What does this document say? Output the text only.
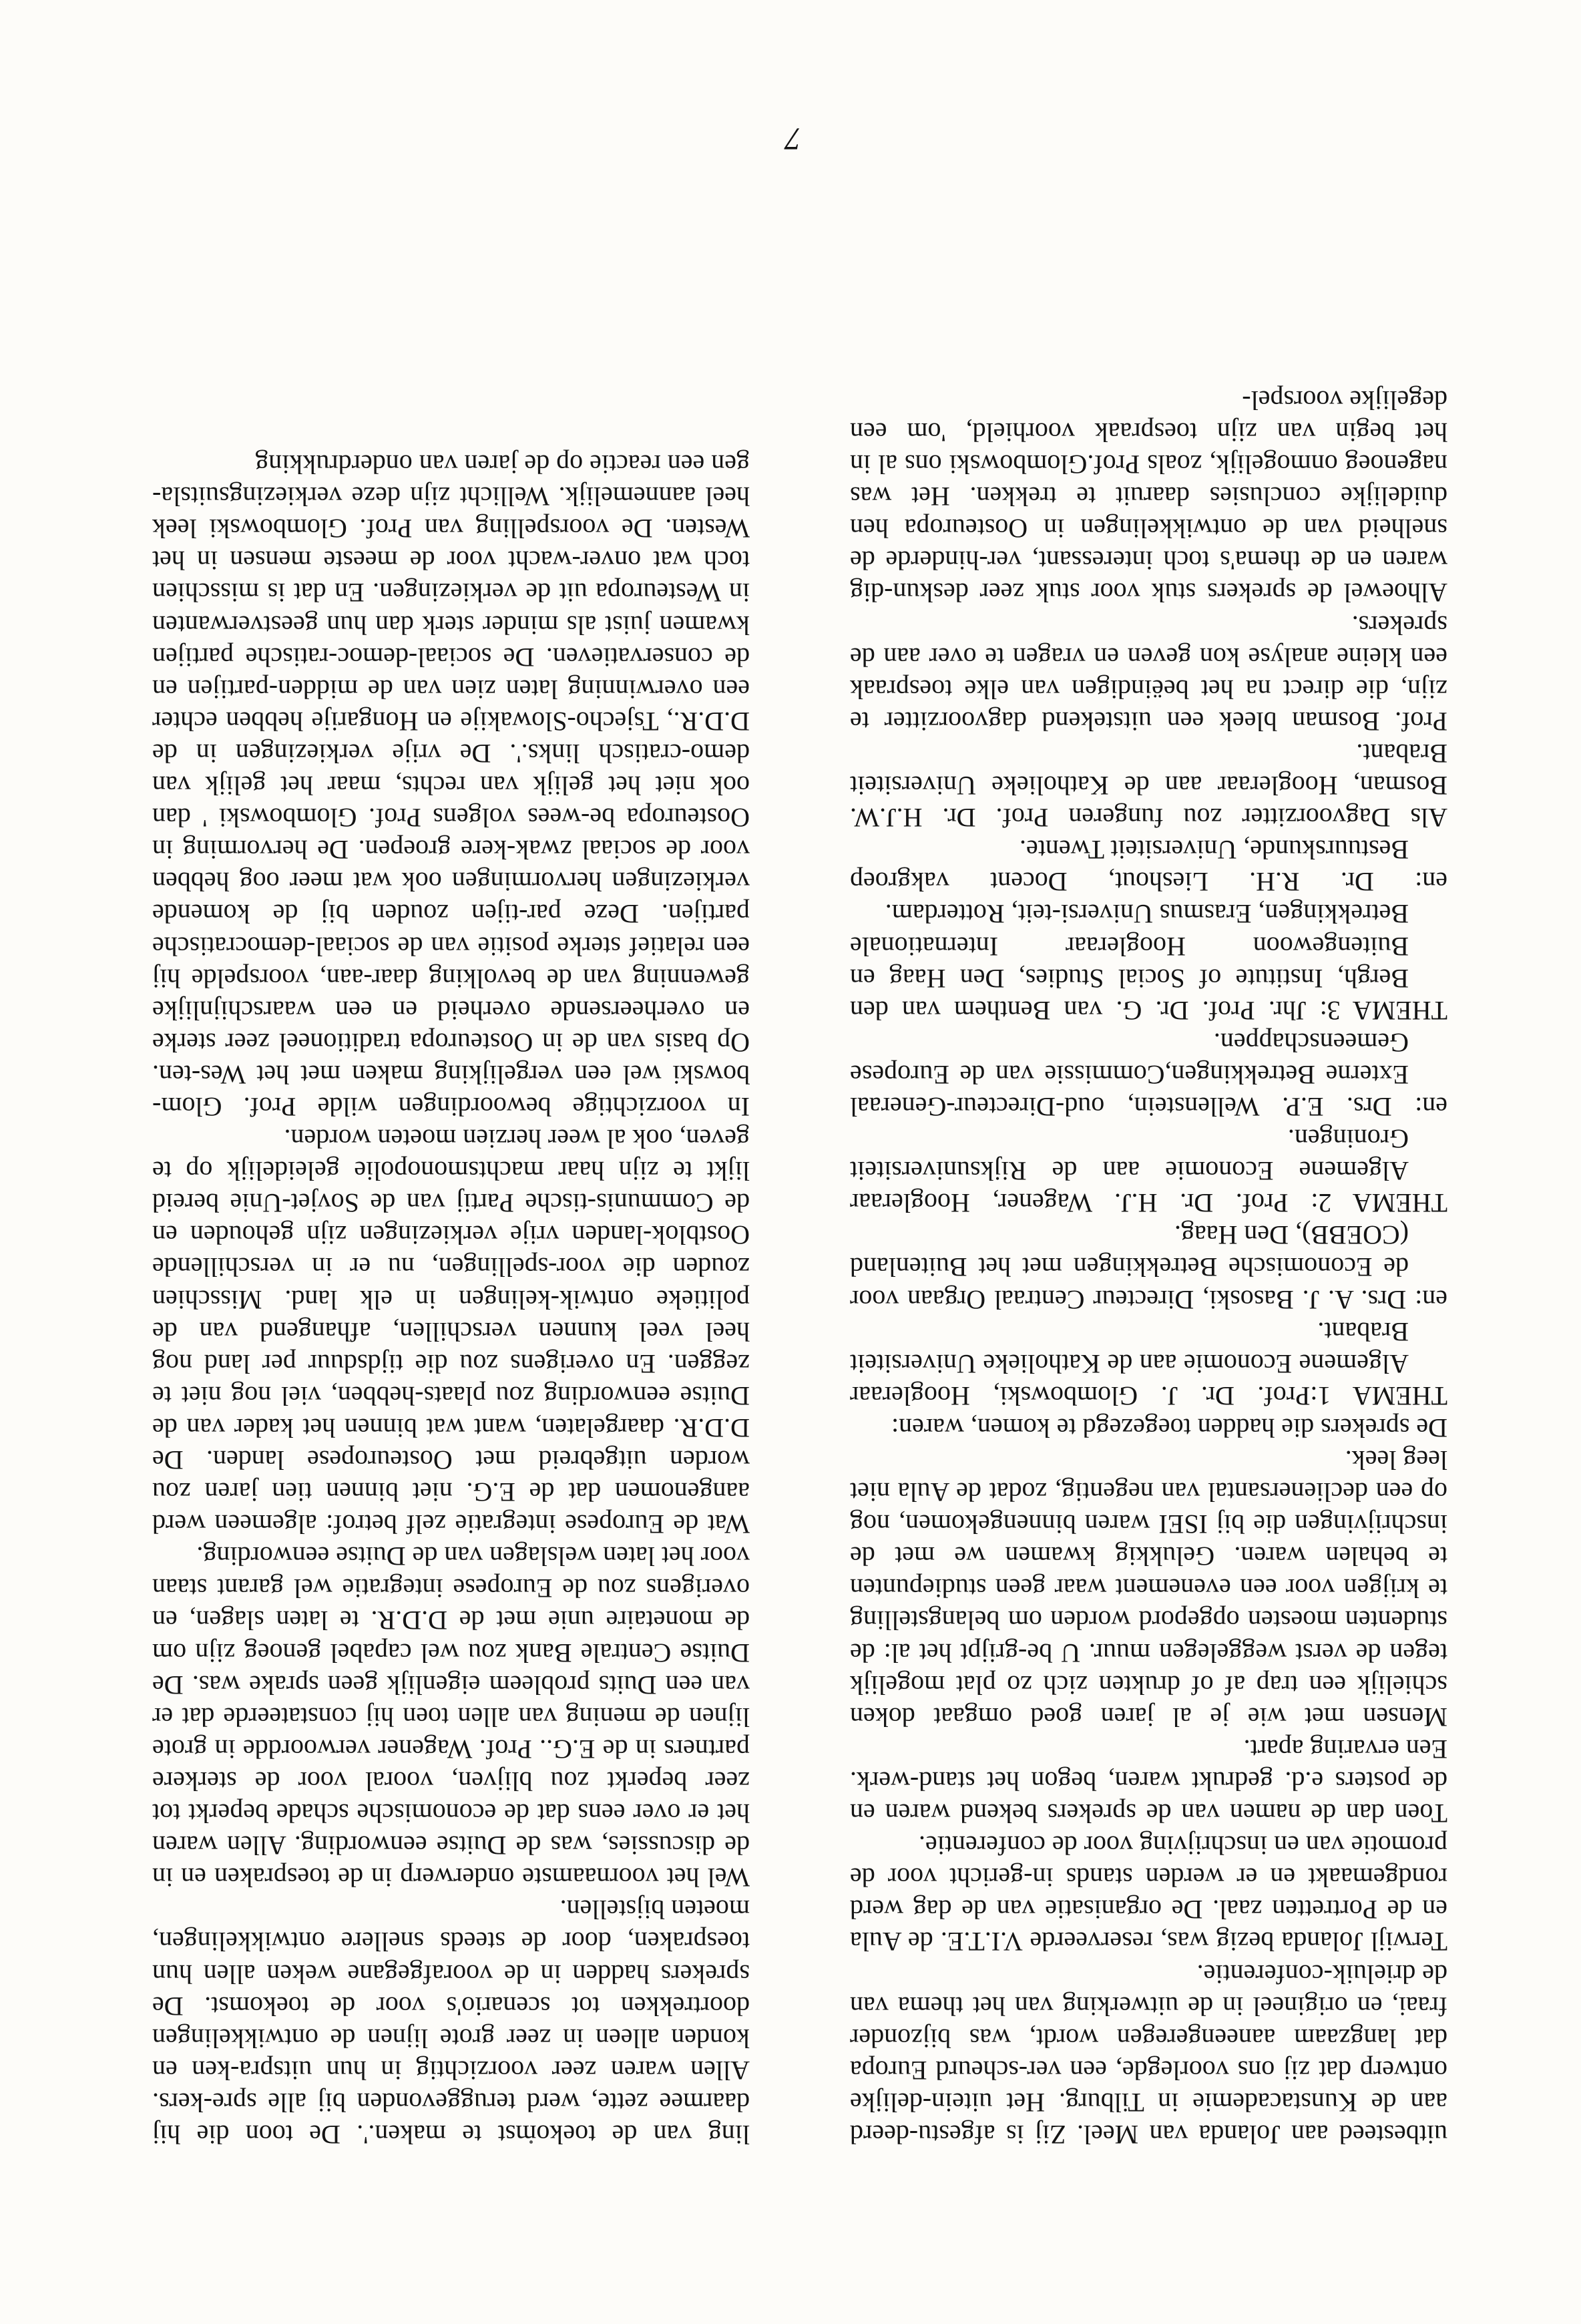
uitbesteed aan Jolanda van Meel. Zij is afgestu-deerd aan de Kunstacademie in Tilburg. Het uitein-delijke ontwerp dat zij ons voorlegde, een ver-scheurd Europa dat langzaam aaneengeregen wordt, was bijzonder fraai, en origineel in de uitwerking van het thema van de drieluik-conferentie.

Terwijl Jolanda bezig was, reserveerde V.I.T.E. de Aula en de Portretten zaal. De organisatie van de dag werd rondgemaakt en er werden stands in-gericht voor de promotie van en inschrijving voor de conferentie.

Toen dan de namen van de sprekers bekend waren en de posters e.d. gedrukt waren, begon het stand-werk. Een ervaring apart.

Mensen met wie je al jaren goed omgaat doken schielijk een trap af of drukten zich zo plat mogelijk tegen de verst weggelegen muur. U be-grijpt het al: de studenten moesten opgepord worden om belangstelling te krijgen voor een evenement waar geen studiepunten te behalen waren. Gelukkig kwamen we met de inschrijvingen die bij ISEI waren binnengekomen, nog op een declienersantal van negentig, zodat de Aula niet leeg leek.

De sprekers die hadden toegezegd te komen, waren:

THEMA 1:Prof. Dr. J. Glombowski, Hoogleraar Algemene Economie aan de Katholieke Universiteit Brabant.

en: Drs. A. J. Basoski, Directeur Centraal Orgaan voor de Economische Betrekkingen met het Buitenland (COEBB), Den Haag.

THEMA 2: Prof. Dr. H.J. Wagener, Hoogleraar Algemene Economie aan de Rijksuniversiteit Groningen.

en: Drs. E.P. Wellenstein, oud-Directeur-Generaal Externe Betrekkingen,Commissie van de Europese Gemeenschappen.

THEMA 3: Jhr. Prof. Dr. G. van Benthem van den Bergh, Institute of Social Studies, Den Haag en Buitengewoon Hoogleraar Internationale Betrekkingen, Erasmus Universi-teit, Rotterdam.

en: Dr. R.H. Lieshout, Docent vakgroep Bestuurskunde, Universiteit Twente.

Als Dagvoorzitter zou fungeren Prof. Dr. H.J.W. Bosman, Hoogleraar aan de Katholieke Universiteit Brabant.

Prof. Bosman bleek een uitstekend dagvoorzitter te zijn, die direct na het beëindigen van elke toespraak een kleine analyse kon geven en vragen te over aan de sprekers.

Alhoewel de sprekers stuk voor stuk zeer deskun-dig waren en de thema's toch interessant, ver-hinderde de snelheid van de ontwikkelingen in Oosteuropa hen duidelijke conclusies daaruit te trekken. Het was nagenoeg onmogelijk, zoals Prof.Glombowski ons al in het begin van zijn toespraak voorhield, 'om een degelijke voorspel-

ling van de toekomst te maken.'. De toon die hij daarmee zette, werd teruggevonden bij alle spre-kers. Allen waren zeer voorzichtig in hun uitspra-ken en konden alleen in zeer grote lijnen de ontwikkelingen doortrekken tot scenario's voor de toekomst. De sprekers hadden in de voorafgegane weken allen hun toespraken, door de steeds snellere ontwikkelingen, moeten bijstellen.

Wel het voornaamste onderwerp in de toespraken en in de discussies, was de Duitse eenwording. Allen waren het er over eens dat de economische schade beperkt tot zeer beperkt zou blijven, vooral voor de sterkere partners in de E.G.. Prof. Wagener verwoordde in grote lijnen de mening van allen toen hij constateerde dat er van een Duits probleem eigenlijk geen sprake was. De Duitse Centrale Bank zou wel capabel genoeg zijn om de monetaire unie met de D.D.R. te laten slagen, en overigens zou de Europese integratie wel garant staan voor het laten welslagen van de Duitse eenwording.

Wat de Europese integratie zelf betrof: algemeen werd aangenomen dat de E.G. niet binnen tien jaren zou worden uitgebreid met Oosteuropese landen. De D.D.R. daargelaten, want wat binnen het kader van de Duitse eenwording zou plaats-hebben, viel nog niet te zeggen. En overigens zou die tijdsduur per land nog heel veel kunnen verschillen, afhangend van de politieke ontwik-kelingen in elk land. Misschien zouden die voor-spellingen, nu er in verschillende Oostblok-landen vrije verkiezingen zijn gehouden en de Communis-tische Partij van de Sovjet-Unie bereid lijkt te zijn haar machtsmonopolie geleidelijk op te geven, ook al weer herzien moeten worden.

In voorzichtige bewoordingen wilde Prof. Glom-bowski wel een vergelijking maken met het Wes-ten. Op basis van de in Oosteuropa traditioneel zeer sterke en overheersende overheid en een waarschijnlijke gewenning van de bevolking daar-aan, voorspelde hij een relatief sterke positie van de sociaal-democratische partijen. Deze par-tijen zouden bij de komende verkiezingen hervormingen ook wat meer oog hebben voor de sociaal zwak-kere groepen. De hervorming in Oosteuropa be-wees volgens Prof. Glombowski ' dan ook niet het gelijk van rechts, maar het gelijk van demo-cratisch links.'. De vrije verkiezingen in de D.D.R., Tsjecho-Slowakije en Hongarije hebben echter een overwinning laten zien van de midden-partijen en de conservatieven. De sociaal-democ-ratische partijen kwamen juist als minder sterk dan hun geestverwanten in Westeuropa uit de verkiezingen. En dat is misschien toch wat onver-wacht voor de meeste mensen in het Westen. De voorspelling van Prof. Glombowski leek heel aannemelijk. Wellicht zijn deze verkiezingsuitsla-gen een reactie op de jaren van onderdrukking

7
